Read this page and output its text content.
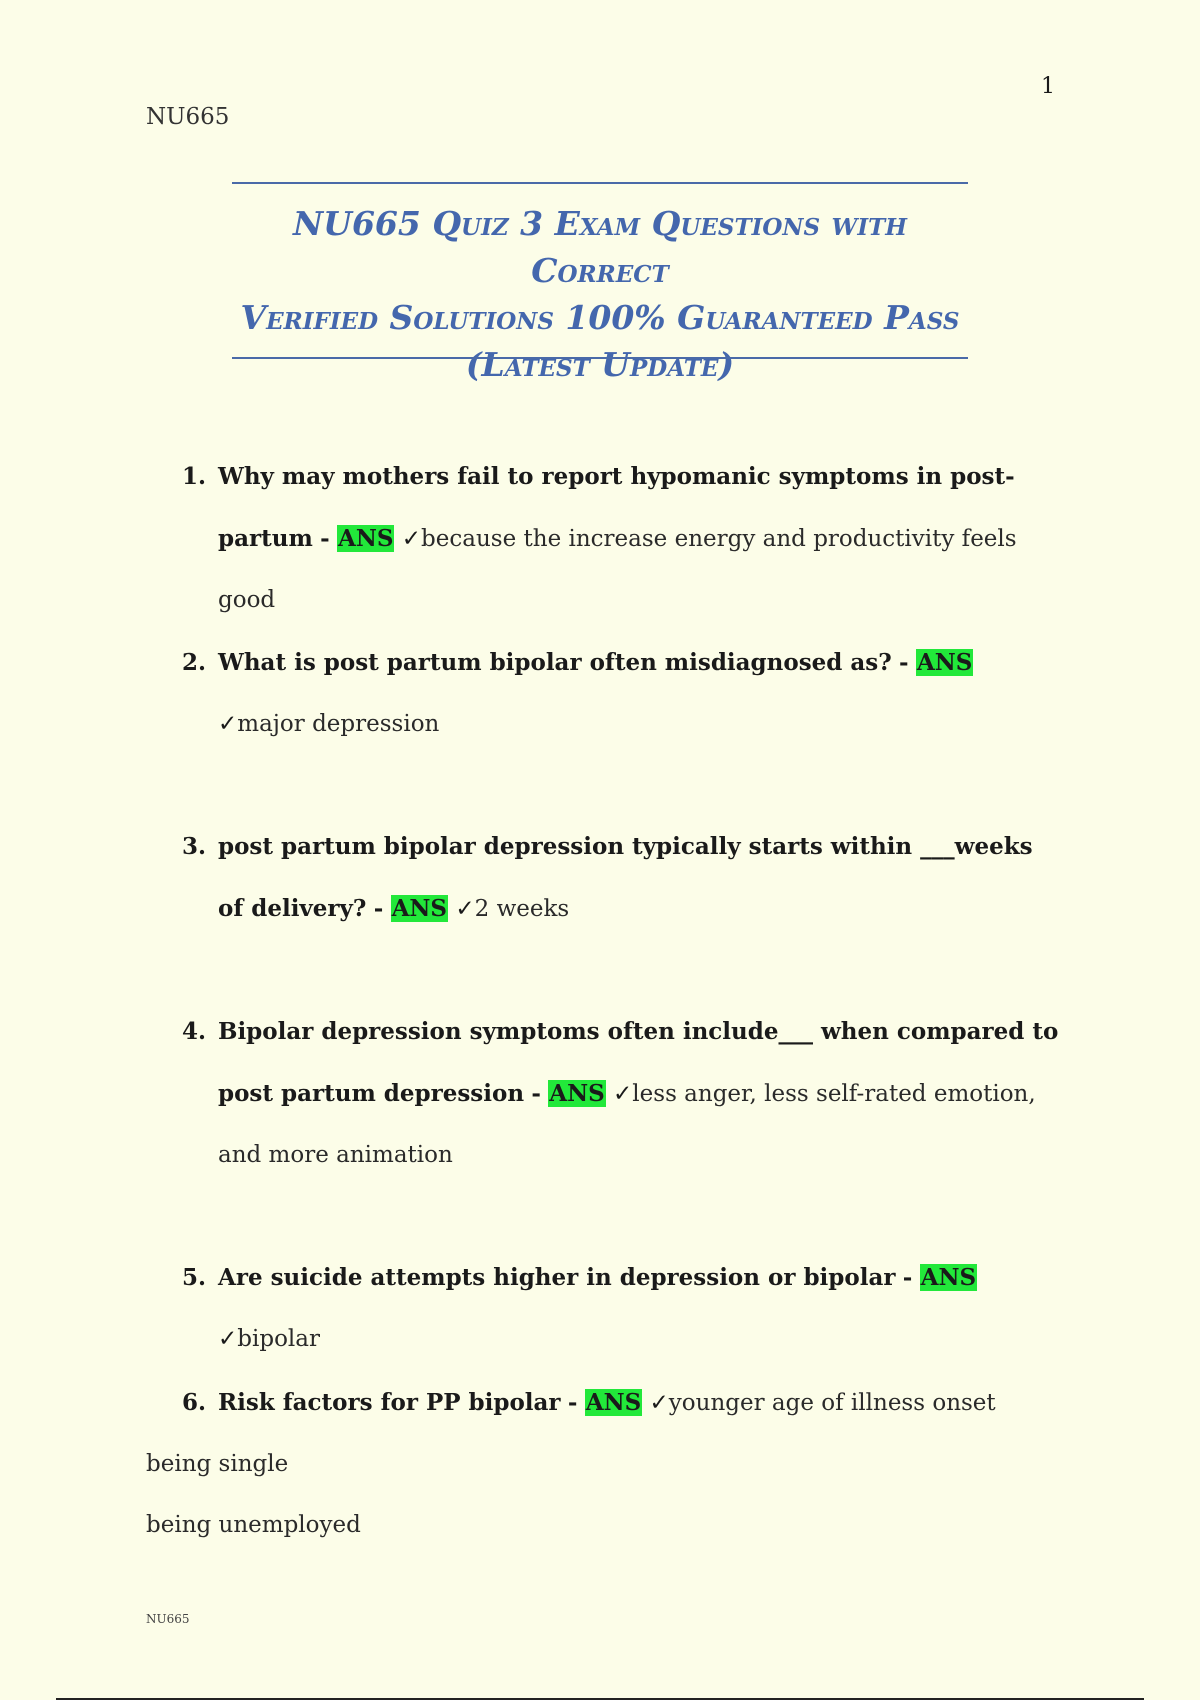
1
NU665
NU665 Quiz 3 Exam Questions with Correct
Verified Solutions 100% Guaranteed Pass
(Latest Update)
1. Why may mothers fail to report hypomanic symptoms in post-partum - ANS ✓because the increase energy and productivity feels good
2. What is post partum bipolar often misdiagnosed as? - ANS ✓major depression
3. post partum bipolar depression typically starts within ___weeks of delivery? - ANS ✓2 weeks
4. Bipolar depression symptoms often include___ when compared to post partum depression - ANS ✓less anger, less self-rated emotion, and more animation
5. Are suicide attempts higher in depression or bipolar - ANS ✓bipolar
6. Risk factors for PP bipolar - ANS ✓younger age of illness onset
being single
being unemployed
NU665
